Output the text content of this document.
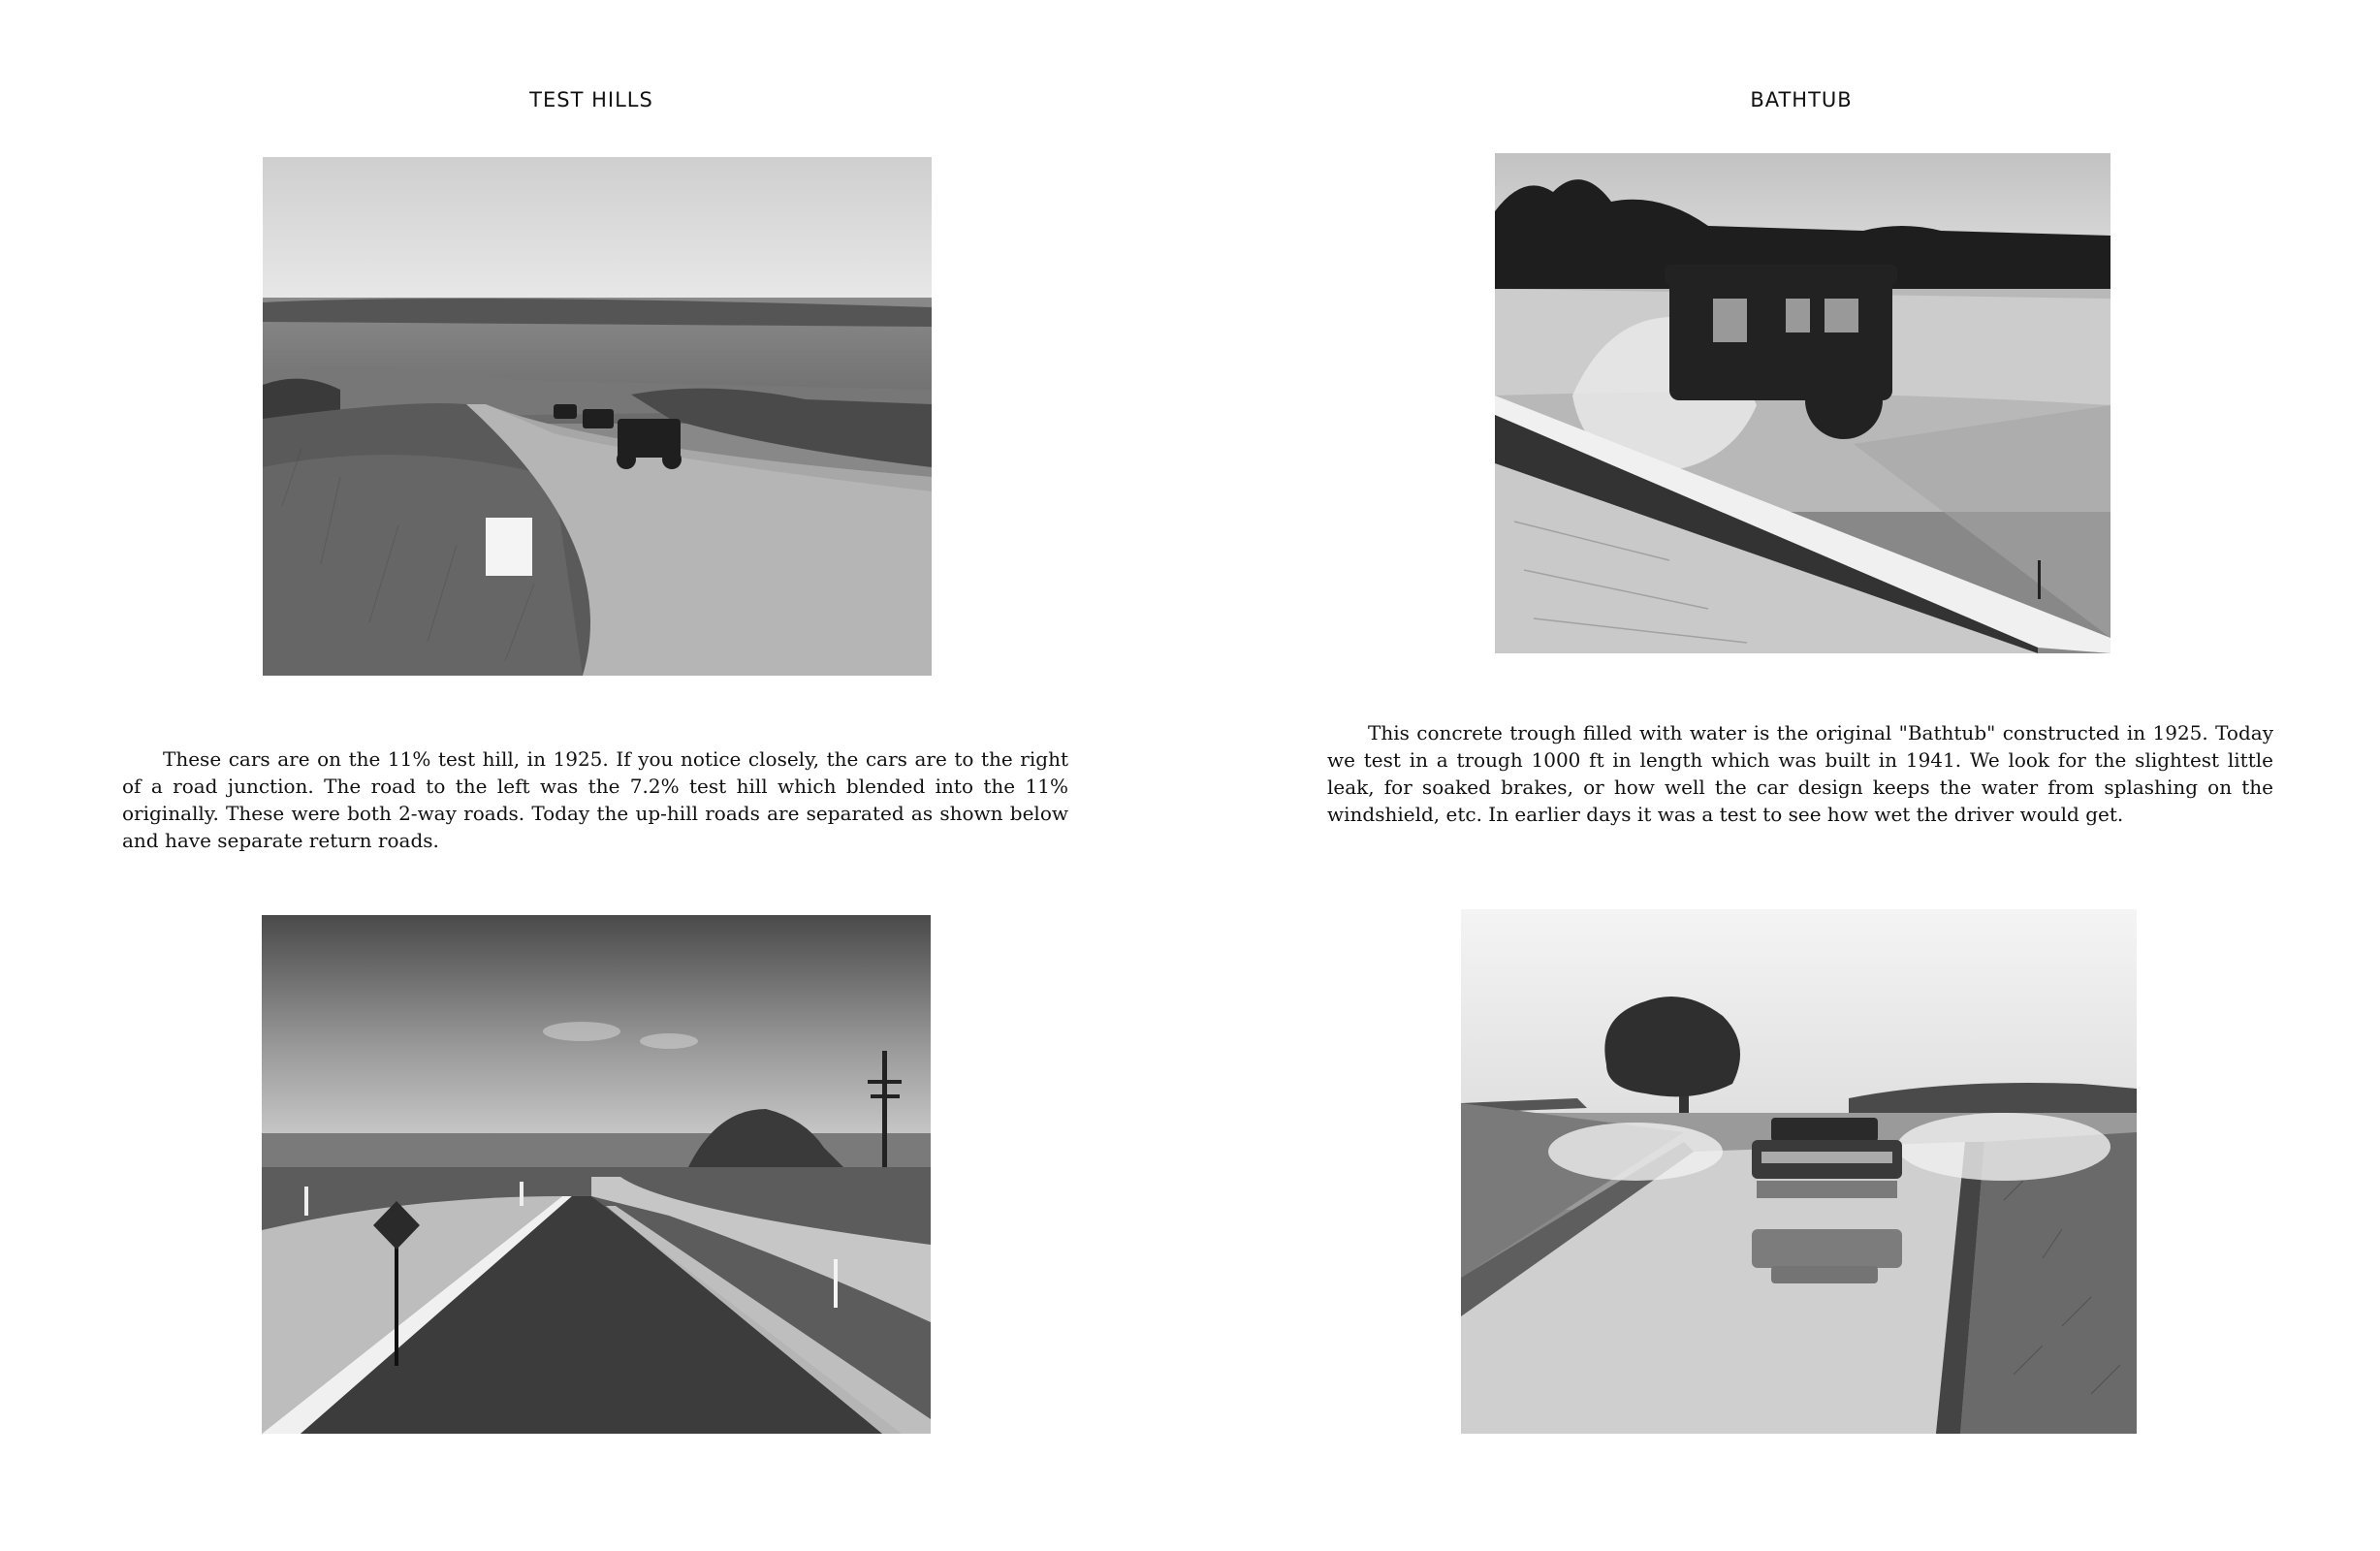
TEST HILLS

These cars are on the 11% test hill, in 1925. If you notice closely, the cars are to the right of a road junction. The road to the left was the 7.2% test hill which blended into the 11% originally. These were both 2-way roads. Today the up-hill roads are separated as shown below and have separate return roads.

BATHTUB

This concrete trough filled with water is the original "Bathtub" constructed in 1925. Today we test in a trough 1000 ft in length which was built in 1941. We look for the slightest little leak, for soaked brakes, or how well the car design keeps the water from splashing on the windshield, etc. In earlier days it was a test to see how wet the driver would get.
